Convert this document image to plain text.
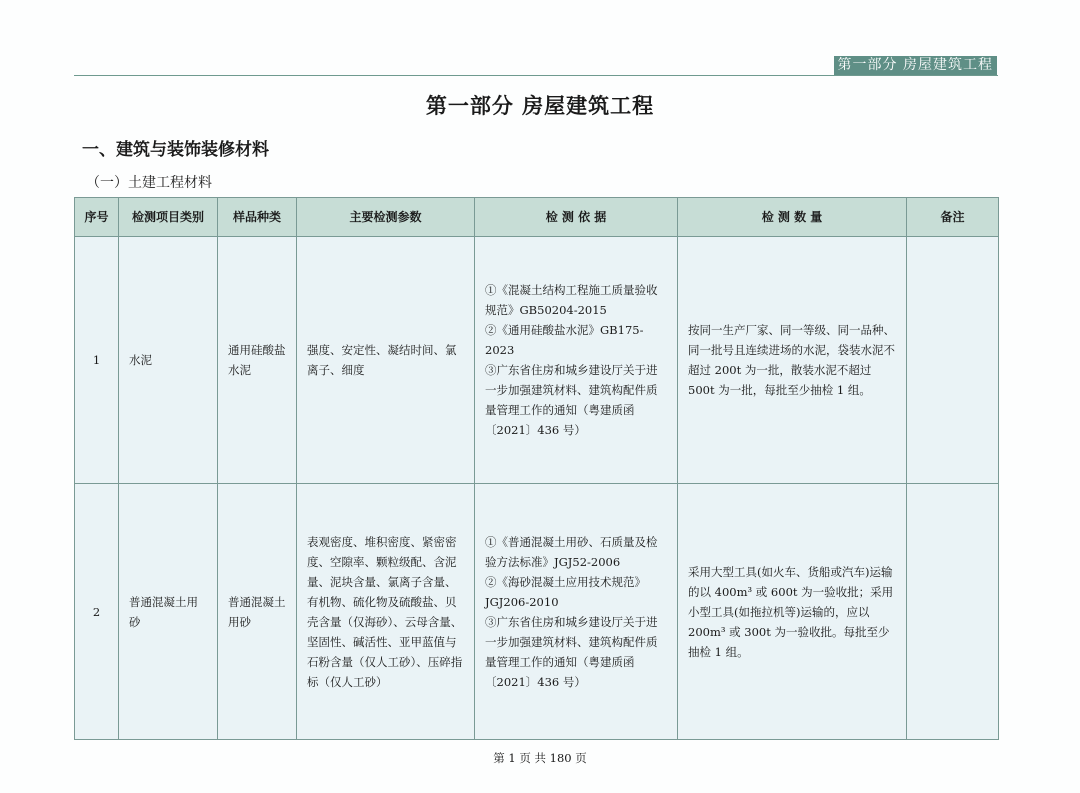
第一部分 房屋建筑工程
第一部分 房屋建筑工程
一、建筑与装饰装修材料
（一）土建工程材料
序号	检测项目类别	样品种类	主要检测参数	检 测 依 据	检 测 数 量	备注
1	水泥	通用硅酸盐水泥	强度、安定性、凝结时间、氯离子、细度	①《混凝土结构工程施工质量验收规范》GB50204-2015
②《通用硅酸盐水泥》GB175-2023
③广东省住房和城乡建设厅关于进一步加强建筑材料、建筑构配件质量管理工作的通知（粤建质函〔2021〕436 号）	按同一生产厂家、同一等级、同一品种、同一批号且连续进场的水泥，袋装水泥不超过 200t 为一批，散装水泥不超过 500t 为一批，每批至少抽检 1 组。	
2	普通混凝土用砂	普通混凝土用砂	表观密度、堆积密度、紧密密度、空隙率、颗粒级配、含泥量、泥块含量、氯离子含量、有机物、硫化物及硫酸盐、贝壳含量（仅海砂）、云母含量、坚固性、碱活性、亚甲蓝值与石粉含量（仅人工砂）、压碎指标（仅人工砂）	①《普通混凝土用砂、石质量及检验方法标准》JGJ52-2006
②《海砂混凝土应用技术规范》JGJ206-2010
③广东省住房和城乡建设厅关于进一步加强建筑材料、建筑构配件质量管理工作的通知（粤建质函〔2021〕436 号）	采用大型工具(如火车、货船或汽车)运输的以 400m³ 或 600t 为一验收批；采用小型工具(如拖拉机等)运输的，应以 200m³ 或 300t 为一验收批。每批至少抽检 1 组。	
第 1 页 共 180 页
